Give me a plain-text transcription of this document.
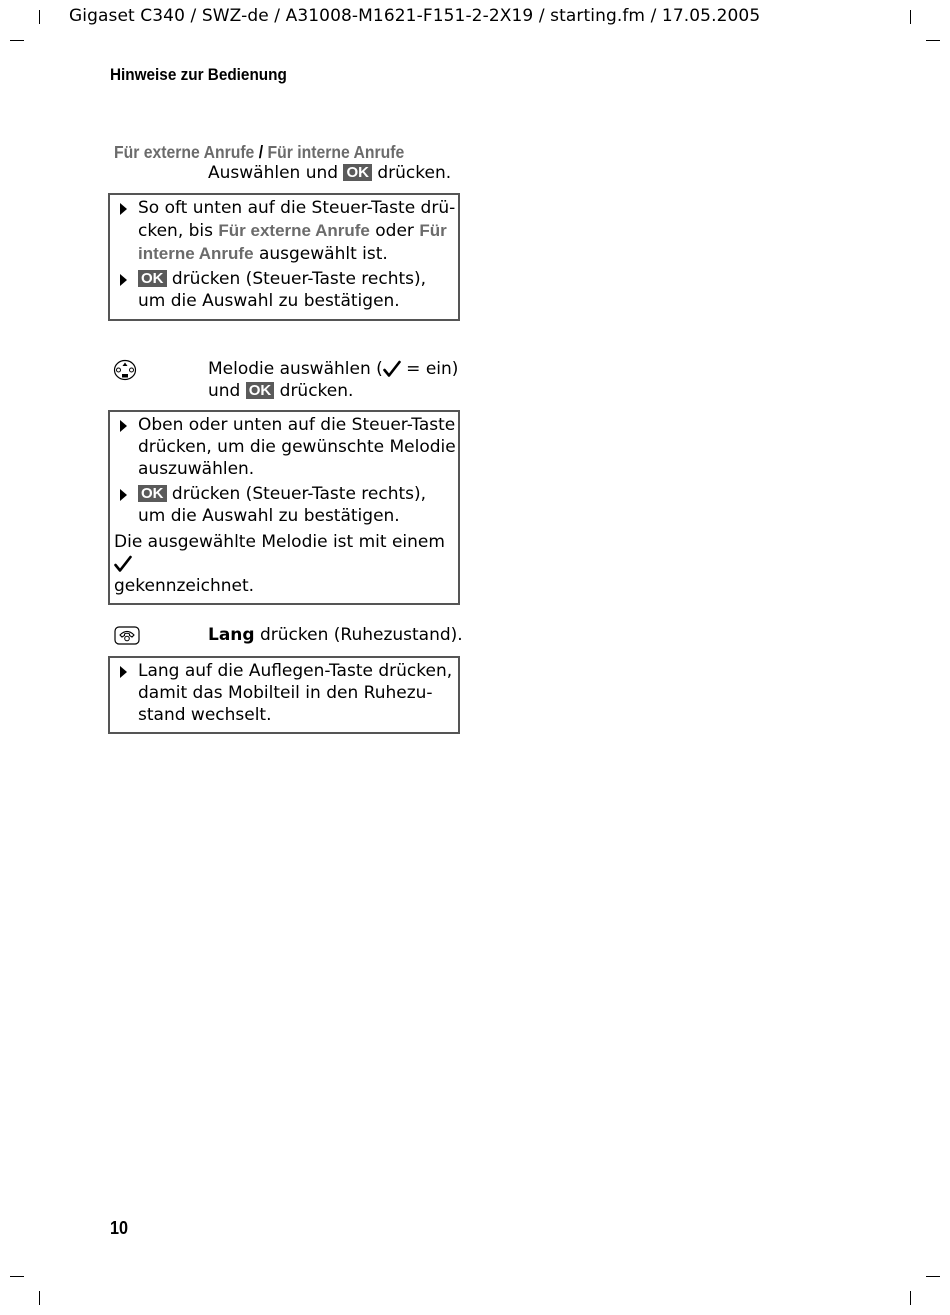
Gigaset C340 / SWZ-de / A31008-M1621-F151-2-2X19 / starting.fm / 17.05.2005
Hinweise zur Bedienung
Für externe Anrufe / Für interne Anrufe
Auswählen und OK drücken.
So oft unten auf die Steuer-Taste drü-cken, bis Für externe Anrufe oder Für interne Anrufe ausgewählt ist.
OK drücken (Steuer-Taste rechts), um die Auswahl zu bestätigen.
Melodie auswählen ( = ein)
und OK drücken.
Oben oder unten auf die Steuer-Taste drücken, um die gewünschte Melodie auszuwählen.
OK drücken (Steuer-Taste rechts), um die Auswahl zu bestätigen.
Die ausgewählte Melodie ist mit einem
gekennzeichnet.
Lang drücken (Ruhezustand).
Lang auf die Auflegen-Taste drücken, damit das Mobilteil in den Ruhezu-stand wechselt.
10
